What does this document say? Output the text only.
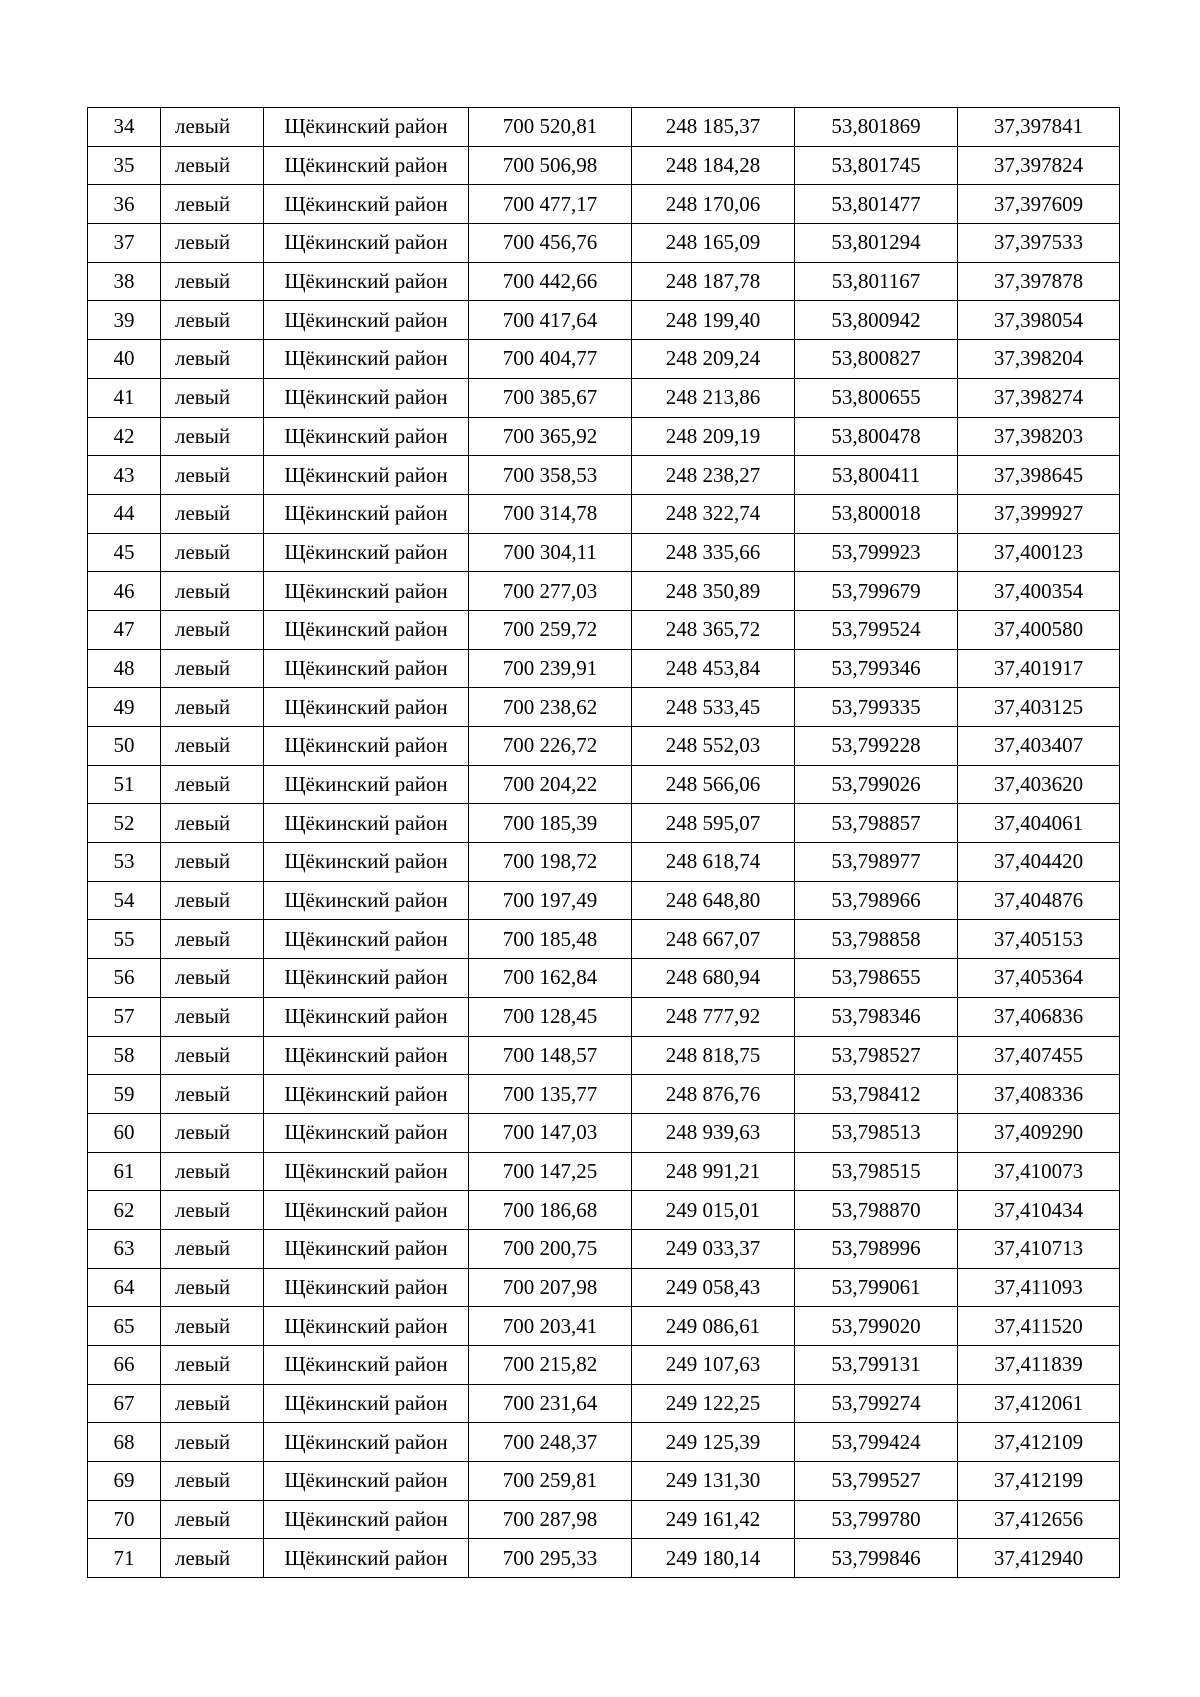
34	левый	Щёкинский район	700 520,81	248 185,37	53,801869	37,397841
35	левый	Щёкинский район	700 506,98	248 184,28	53,801745	37,397824
36	левый	Щёкинский район	700 477,17	248 170,06	53,801477	37,397609
37	левый	Щёкинский район	700 456,76	248 165,09	53,801294	37,397533
38	левый	Щёкинский район	700 442,66	248 187,78	53,801167	37,397878
39	левый	Щёкинский район	700 417,64	248 199,40	53,800942	37,398054
40	левый	Щёкинский район	700 404,77	248 209,24	53,800827	37,398204
41	левый	Щёкинский район	700 385,67	248 213,86	53,800655	37,398274
42	левый	Щёкинский район	700 365,92	248 209,19	53,800478	37,398203
43	левый	Щёкинский район	700 358,53	248 238,27	53,800411	37,398645
44	левый	Щёкинский район	700 314,78	248 322,74	53,800018	37,399927
45	левый	Щёкинский район	700 304,11	248 335,66	53,799923	37,400123
46	левый	Щёкинский район	700 277,03	248 350,89	53,799679	37,400354
47	левый	Щёкинский район	700 259,72	248 365,72	53,799524	37,400580
48	левый	Щёкинский район	700 239,91	248 453,84	53,799346	37,401917
49	левый	Щёкинский район	700 238,62	248 533,45	53,799335	37,403125
50	левый	Щёкинский район	700 226,72	248 552,03	53,799228	37,403407
51	левый	Щёкинский район	700 204,22	248 566,06	53,799026	37,403620
52	левый	Щёкинский район	700 185,39	248 595,07	53,798857	37,404061
53	левый	Щёкинский район	700 198,72	248 618,74	53,798977	37,404420
54	левый	Щёкинский район	700 197,49	248 648,80	53,798966	37,404876
55	левый	Щёкинский район	700 185,48	248 667,07	53,798858	37,405153
56	левый	Щёкинский район	700 162,84	248 680,94	53,798655	37,405364
57	левый	Щёкинский район	700 128,45	248 777,92	53,798346	37,406836
58	левый	Щёкинский район	700 148,57	248 818,75	53,798527	37,407455
59	левый	Щёкинский район	700 135,77	248 876,76	53,798412	37,408336
60	левый	Щёкинский район	700 147,03	248 939,63	53,798513	37,409290
61	левый	Щёкинский район	700 147,25	248 991,21	53,798515	37,410073
62	левый	Щёкинский район	700 186,68	249 015,01	53,798870	37,410434
63	левый	Щёкинский район	700 200,75	249 033,37	53,798996	37,410713
64	левый	Щёкинский район	700 207,98	249 058,43	53,799061	37,411093
65	левый	Щёкинский район	700 203,41	249 086,61	53,799020	37,411520
66	левый	Щёкинский район	700 215,82	249 107,63	53,799131	37,411839
67	левый	Щёкинский район	700 231,64	249 122,25	53,799274	37,412061
68	левый	Щёкинский район	700 248,37	249 125,39	53,799424	37,412109
69	левый	Щёкинский район	700 259,81	249 131,30	53,799527	37,412199
70	левый	Щёкинский район	700 287,98	249 161,42	53,799780	37,412656
71	левый	Щёкинский район	700 295,33	249 180,14	53,799846	37,412940
